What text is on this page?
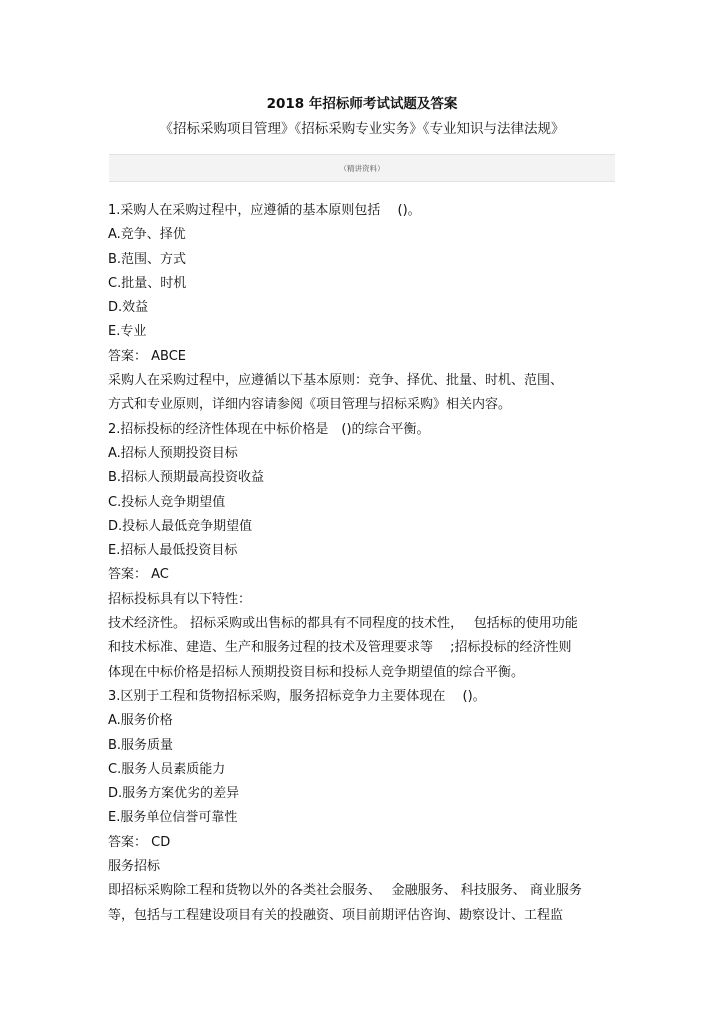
2018 年招标师考试试题及答案
《招标采购项目管理》《招标采购专业实务》《专业知识与法律法规》
（精讲资料）
1.采购人在采购过程中，应遵循的基本原则包括　 ()。
A.竞争、择优
B.范围、方式
C.批量、时机
D.效益
E.专业
答案： ABCE
采购人在采购过程中，应遵循以下基本原则：竞争、择优、批量、时机、范围、
方式和专业原则，详细内容请参阅《项目管理与招标采购》相关内容。
2.招标投标的经济性体现在中标价格是　()的综合平衡。
A.招标人预期投资目标
B.招标人预期最高投资收益
C.投标人竞争期望值
D.投标人最低竞争期望值
E.招标人最低投资目标
答案： AC
招标投标具有以下特性：
技术经济性。 招标采购或出售标的都具有不同程度的技术性，　 包括标的使用功能
和技术标准、建造、生产和服务过程的技术及管理要求等　 ;招标投标的经济性则
体现在中标价格是招标人预期投资目标和投标人竞争期望值的综合平衡。
3.区别于工程和货物招标采购，服务招标竞争力主要体现在　 ()。
A.服务价格
B.服务质量
C.服务人员素质能力
D.服务方案优劣的差异
E.服务单位信誉可靠性
答案： CD
服务招标
即招标采购除工程和货物以外的各类社会服务、　 金融服务、 科技服务、 商业服务
等，包括与工程建设项目有关的投融资、项目前期评估咨询、勘察设计、工程监
